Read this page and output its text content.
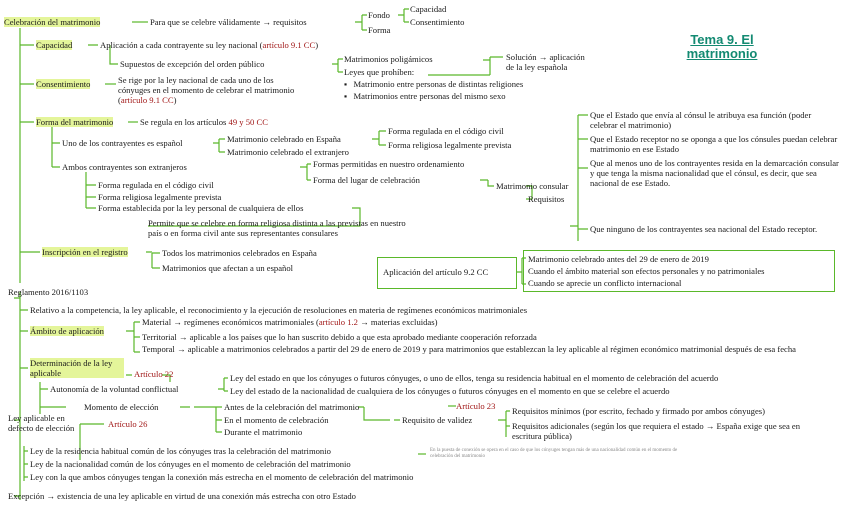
Tema 9. El matrimonio
Celebración del matrimonio	Para que se celebre válidamente → requisitos
Fondo
Forma
Capacidad
Consentimiento
Capacidad	Aplicación a cada contrayente su ley nacional (artículo 9.1 CC)
Supuestos de excepción del orden público	Matrimonios poligámicos
Leyes que prohíben:
▪   Matrimonio entre personas de distintas religiones
▪   Matrimonios entre personas del mismo sexo
Solución → aplicación de la ley española
Consentimiento	Se rige por la ley nacional de cada uno de los cónyuges en el momento de celebrar el matrimonio (artículo 9.1 CC)
Forma del matrimonio	Se regula en los artículos 49 y 50 CC
Uno de los contrayentes es español	Matrimonio celebrado en España
Matrimonio celebrado el extranjero
Forma regulada en el código civil
Forma religiosa legalmente prevista
Ambos contrayentes son extranjeros	Formas permitidas en nuestro ordenamiento
Forma del lugar de celebración
Matrimonio consular
Requisitos
Forma regulada en el código civil
Forma religiosa legalmente prevista
Forma establecida por la ley personal de cualquiera de ellos
Permite que se celebre en forma religiosa distinta a las previstas en nuestro país o en forma civil ante sus representantes consulares
Que el Estado que envía al cónsul le atribuya esa función (poder celebrar el matrimonio)
Que el Estado receptor no se oponga a que los cónsules puedan celebrar matrimonio en ese Estado
Que al menos uno de los contrayentes resida en la demarcación consular y que tenga la misma nacionalidad que el cónsul, es decir, que sea nacional de ese Estado.
Que ninguno de los contrayentes sea nacional del Estado receptor.
Inscripción en el registro	Todos los matrimonios celebrados en España
Matrimonios que afectan a un español	Aplicación del artículo 9.2 CC
Matrimonio celebrado antes del 29 de enero de 2019
Cuando el ámbito material son efectos personales y no patrimoniales
Cuando se aprecie un conflicto internacional
Reglamento 2016/1103
Relativo a la competencia, la ley aplicable, el reconocimiento y la ejecución de resoluciones en materia de regímenes económicos matrimoniales
Ámbito de aplicación
Material → regímenes económicos matrimoniales (artículo 1.2 → materias excluidas)
Territorial → aplicable a los países que lo han suscrito debido a que esta aprobado mediante cooperación reforzada
Temporal → aplicable a matrimonios celebrados a partir del 29 de enero de 2019 y para matrimonios que establezcan la ley aplicable al régimen económico matrimonial después de esa fecha
Determinación de la ley aplicable
Autonomía de la voluntad conflictual
Artículo 22	Ley del estado en que los cónyuges o futuros cónyuges, o uno de ellos, tenga su residencia habitual en el momento de celebración del acuerdo
Ley del estado de la nacionalidad de cualquiera de los cónyuges o futuros cónyuges en el momento en que se celebre el acuerdo
Momento de elección	Antes de la celebración del matrimonio
En el momento de celebración
Durante el matrimonio
Artículo 23
Requisito de validez
Requisitos mínimos (por escrito, fechado y firmado por ambos cónyuges)
Requisitos adicionales (según los que requiera el estado → España exige que sea en escritura pública)
Ley aplicable en defecto de elección	Artículo 26
Ley de la residencia habitual común de los cónyuges tras la celebración del matrimonio
Ley de la nacionalidad común de los cónyuges en el momento de celebración del matrimonio
Ley con la que ambos cónyuges tengan la conexión más estrecha en el momento de celebración del matrimonio
En la puesta de conexión se opera en el caso de que los cónyuges tengan más de una nacionalidad común en el momento de celebración del matrimonio
Excepción → existencia de una ley aplicable en virtud de una conexión más estrecha con otro Estado
